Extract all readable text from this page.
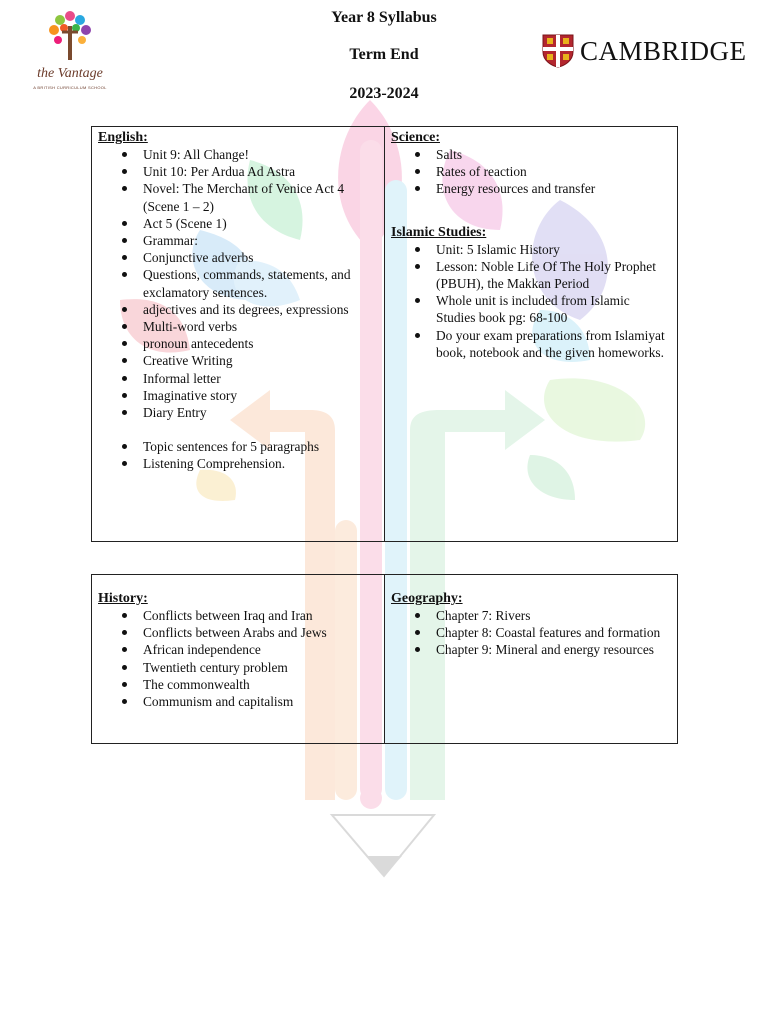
the Vantage
A BRITISH CURRICULUM SCHOOL
Year 8 Syllabus
Term End
2023-2024
CAMBRIDGE
English:
Unit 9: All Change!
Unit 10: Per Ardua Ad Astra
Novel: The Merchant of Venice Act 4 (Scene 1 – 2)
Act 5 (Scene 1)
Grammar:
Conjunctive adverbs
Questions, commands, statements, and exclamatory sentences.
adjectives and its degrees, expressions
Multi-word verbs
pronoun antecedents
Creative Writing
Informal letter
Imaginative story
Diary Entry
Topic sentences for 5 paragraphs
Listening Comprehension.
Science:
Salts
Rates of reaction
Energy resources and transfer
Islamic Studies:
Unit: 5 Islamic History
Lesson: Noble Life Of The Holy Prophet (PBUH), the Makkan Period
Whole unit is included from Islamic Studies book pg: 68-100
Do your exam preparations from Islamiyat book, notebook and the given homeworks.
History:
Conflicts between Iraq and Iran
Conflicts between Arabs and Jews
African independence
Twentieth century problem
The commonwealth
Communism and capitalism
Geography:
Chapter 7: Rivers
Chapter 8: Coastal features and formation
Chapter 9: Mineral and energy resources
